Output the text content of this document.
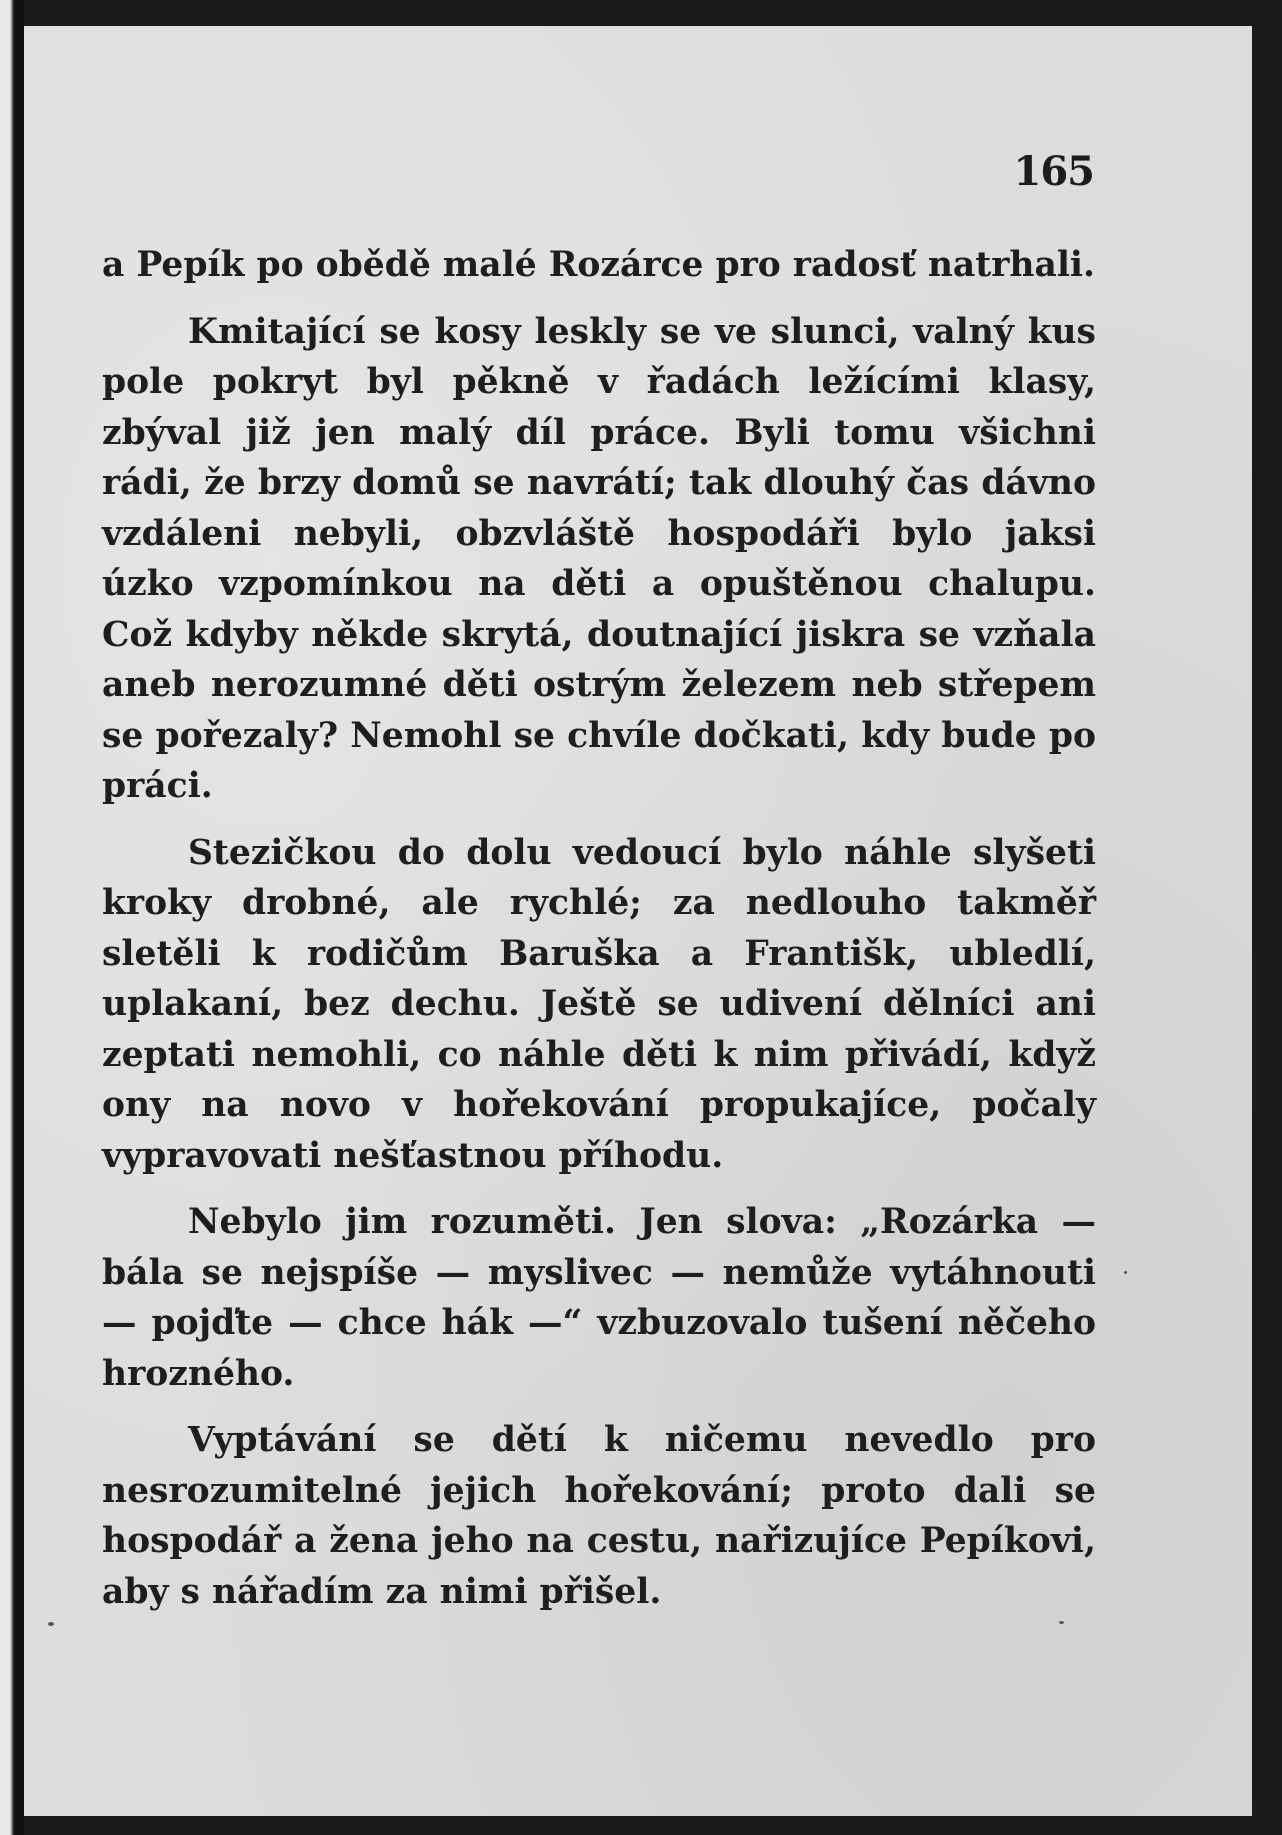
165

a Pepík po obědě malé Rozárce pro radosť natrhali.

Kmitající se kosy leskly se ve slunci, valný kus pole pokryt byl pěkně v řadách ležícími klasy, zbýval již jen malý díl práce. Byli tomu všichni rádi, že brzy domů se navrátí; tak dlouhý čas dávno vzdáleni nebyli, obzvláště hospodáři bylo jaksi úzko vzpomínkou na děti a opuštěnou chalupu. Což kdyby někde skrytá, doutnající jiskra se vzňala aneb nerozumné děti ostrým železem neb střepem se pořezaly? Nemohl se chvíle dočkati, kdy bude po práci.

Stezičkou do dolu vedoucí bylo náhle slyšeti kroky drobné, ale rychlé; za nedlouho takměř sletěli k rodičům Baruška a Františk, ubledlí, uplakaní, bez dechu. Ještě se udivení dělníci ani zeptati nemohli, co náhle děti k nim přivádí, když ony na novo v hořekování propukajíce, počaly vypravovati nešťastnou příhodu.

Nebylo jim rozuměti. Jen slova: „Rozárka — bála se nejspíše — myslivec — nemůže vytáhnouti — pojďte — chce hák —“ vzbuzovalo tušení něčeho hrozného.

Vyptávání se dětí k ničemu nevedlo pro nesrozumitelné jejich hořekování; proto dali se hospodář a žena jeho na cestu, nařizujíce Pepíkovi, aby s nářadím za nimi přišel.
